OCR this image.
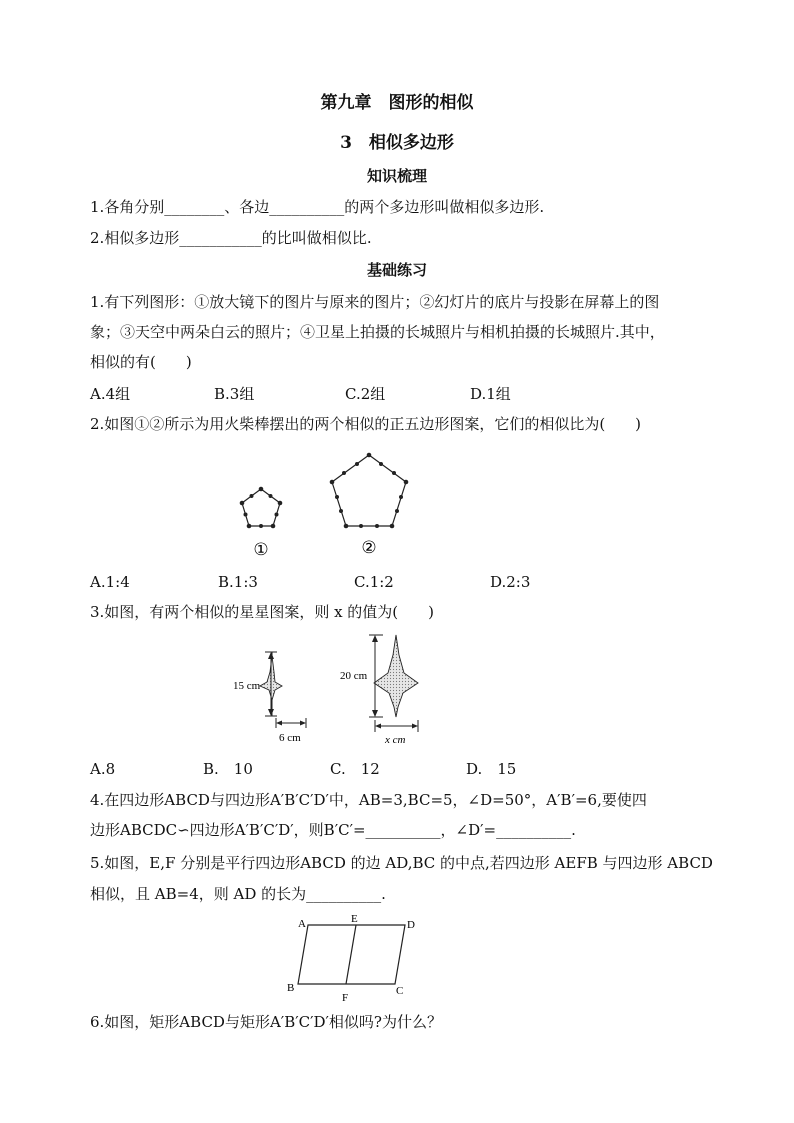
第九章　图形的相似
3　相似多边形
知识梳理
1.各角分别________、各边__________的两个多边形叫做相似多边形.
2.相似多边形___________的比叫做相似比.
基础练习
1.有下列图形：①放大镜下的图片与原来的图片；②幻灯片的底片与投影在屏幕上的图
象；③天空中两朵白云的照片；④卫星上拍摄的长城照片与相机拍摄的长城照片.其中，
相似的有(　　)
A.4组	B.3组	C.2组	D.1组
2.如图①②所示为用火柴棒摆出的两个相似的正五边形图案，它们的相似比为(　　)
①	②
A.1:4	B.1:3	C.1:2	D.2:3
3.如图，有两个相似的星星图案，则 x 的值为(　　)
15 cm
6 cm
20 cm
x cm
A.8	B.　10	C.　12	D.　15
4.在四边形ABCD与四边形A′B′C′D′中，AB=3,BC=5，∠D=50°，A′B′=6,要使四
边形ABCDC∽四边形A′B′C′D′，则B′C′=__________，∠D′=__________.
5.如图，E,F 分别是平行四边形ABCD 的边 AD,BC 的中点,若四边形 AEFB 与四边形 ABCD
相似，且 AB=4，则 AD 的长为__________.
A	E	D
B
F
C
6.如图，矩形ABCD与矩形A′B′C′D′相似吗?为什么？
